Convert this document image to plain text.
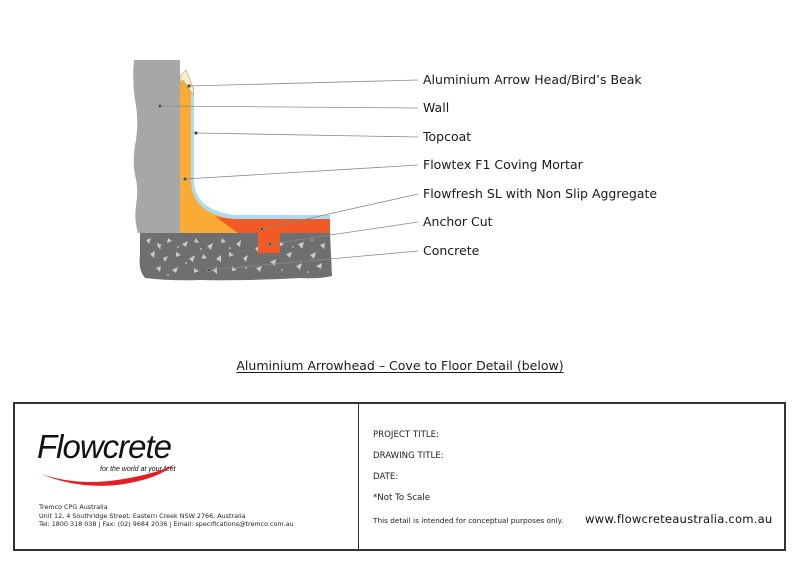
Aluminium Arrow Head/Bird’s Beak
Wall
Topcoat
Flowtex F1 Coving Mortar
Flowfresh SL with Non Slip Aggregate
Anchor Cut
Concrete
Aluminium Arrowhead – Cove to Floor Detail (below)
Flowcrete
for the world at your feet
Tremco CPG Australia
Unit 12, 4 Southridge Street, Eastern Creek NSW 2766, Australia
Tel: 1800 318 038 | Fax: (02) 9684 2036 | Email: specifications@tremco.com.au
PROJECT TITLE:
DRAWING TITLE:
DATE:
*Not To Scale
This detail is intended for conceptual purposes only. www.flowcreteaustralia.com.au
